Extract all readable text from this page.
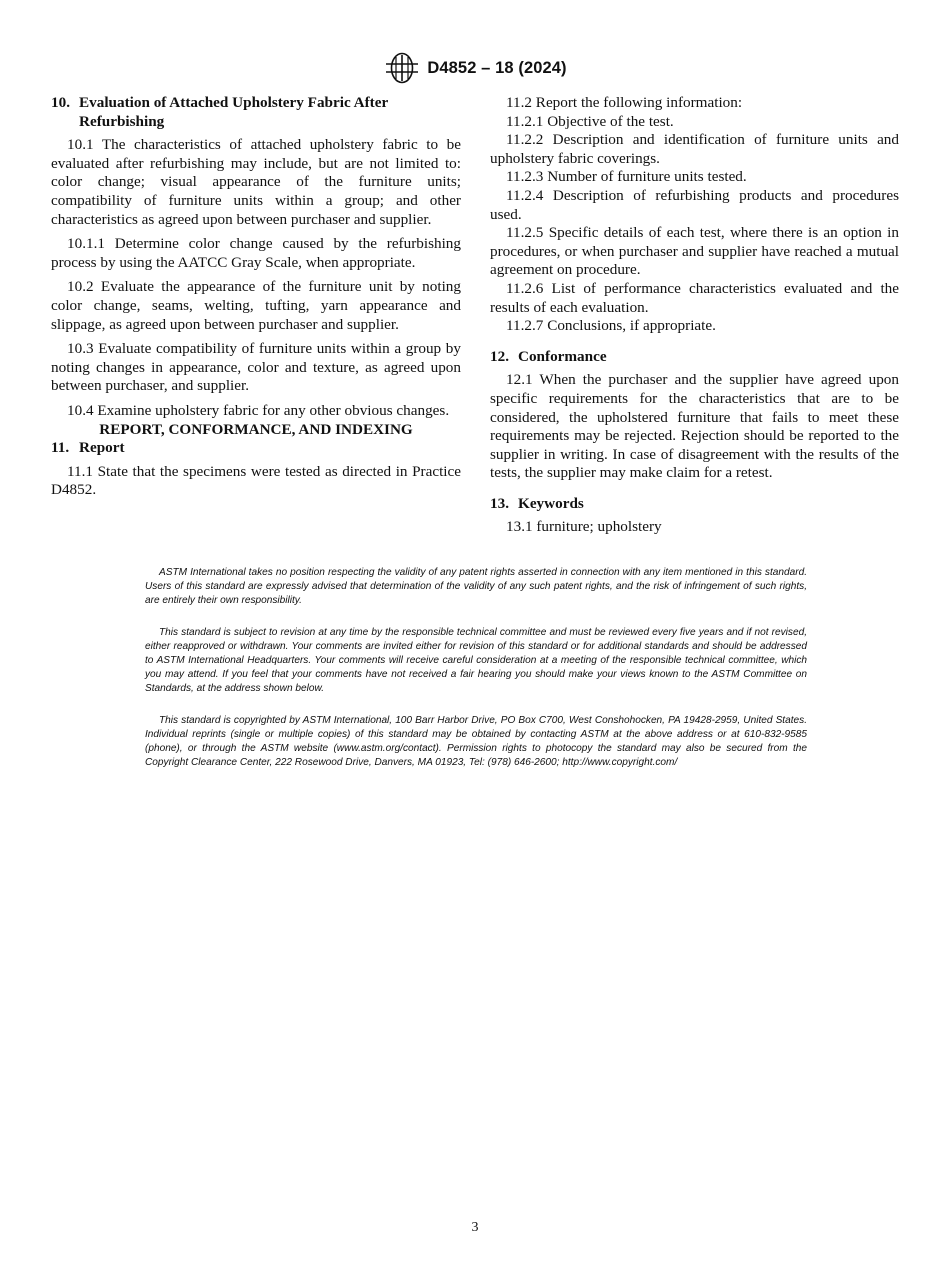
D4852 – 18 (2024)

10. Evaluation of Attached Upholstery Fabric After Refurbishing

10.1 The characteristics of attached upholstery fabric to be evaluated after refurbishing may include, but are not limited to: color change; visual appearance of the furniture units; compatibility of furniture units within a group; and other characteristics as agreed upon between purchaser and supplier.

10.1.1 Determine color change caused by the refurbishing process by using the AATCC Gray Scale, when appropriate.

10.2 Evaluate the appearance of the furniture unit by noting color change, seams, welting, tufting, yarn appearance and slippage, as agreed upon between purchaser and supplier.

10.3 Evaluate compatibility of furniture units within a group by noting changes in appearance, color and texture, as agreed upon between purchaser, and supplier.

10.4 Examine upholstery fabric for any other obvious changes.

REPORT, CONFORMANCE, AND INDEXING

11. Report

11.1 State that the specimens were tested as directed in Practice D4852.

11.2 Report the following information:

11.2.1 Objective of the test.

11.2.2 Description and identification of furniture units and upholstery fabric coverings.

11.2.3 Number of furniture units tested.

11.2.4 Description of refurbishing products and procedures used.

11.2.5 Specific details of each test, where there is an option in procedures, or when purchaser and supplier have reached a mutual agreement on procedure.

11.2.6 List of performance characteristics evaluated and the results of each evaluation.

11.2.7 Conclusions, if appropriate.

12. Conformance

12.1 When the purchaser and the supplier have agreed upon specific requirements for the characteristics that are to be considered, the upholstered furniture that fails to meet these requirements may be rejected. Rejection should be reported to the supplier in writing. In case of disagreement with the results of the tests, the supplier may make claim for a retest.

13. Keywords

13.1 furniture; upholstery

ASTM International takes no position respecting the validity of any patent rights asserted in connection with any item mentioned in this standard. Users of this standard are expressly advised that determination of the validity of any such patent rights, and the risk of infringement of such rights, are entirely their own responsibility.

This standard is subject to revision at any time by the responsible technical committee and must be reviewed every five years and if not revised, either reapproved or withdrawn. Your comments are invited either for revision of this standard or for additional standards and should be addressed to ASTM International Headquarters. Your comments will receive careful consideration at a meeting of the responsible technical committee, which you may attend. If you feel that your comments have not received a fair hearing you should make your views known to the ASTM Committee on Standards, at the address shown below.

This standard is copyrighted by ASTM International, 100 Barr Harbor Drive, PO Box C700, West Conshohocken, PA 19428-2959, United States. Individual reprints (single or multiple copies) of this standard may be obtained by contacting ASTM at the above address or at 610-832-9585 (phone), or through the ASTM website (www.astm.org/contact). Permission rights to photocopy the standard may also be secured from the Copyright Clearance Center, 222 Rosewood Drive, Danvers, MA 01923, Tel: (978) 646-2600; http://www.copyright.com/

3
